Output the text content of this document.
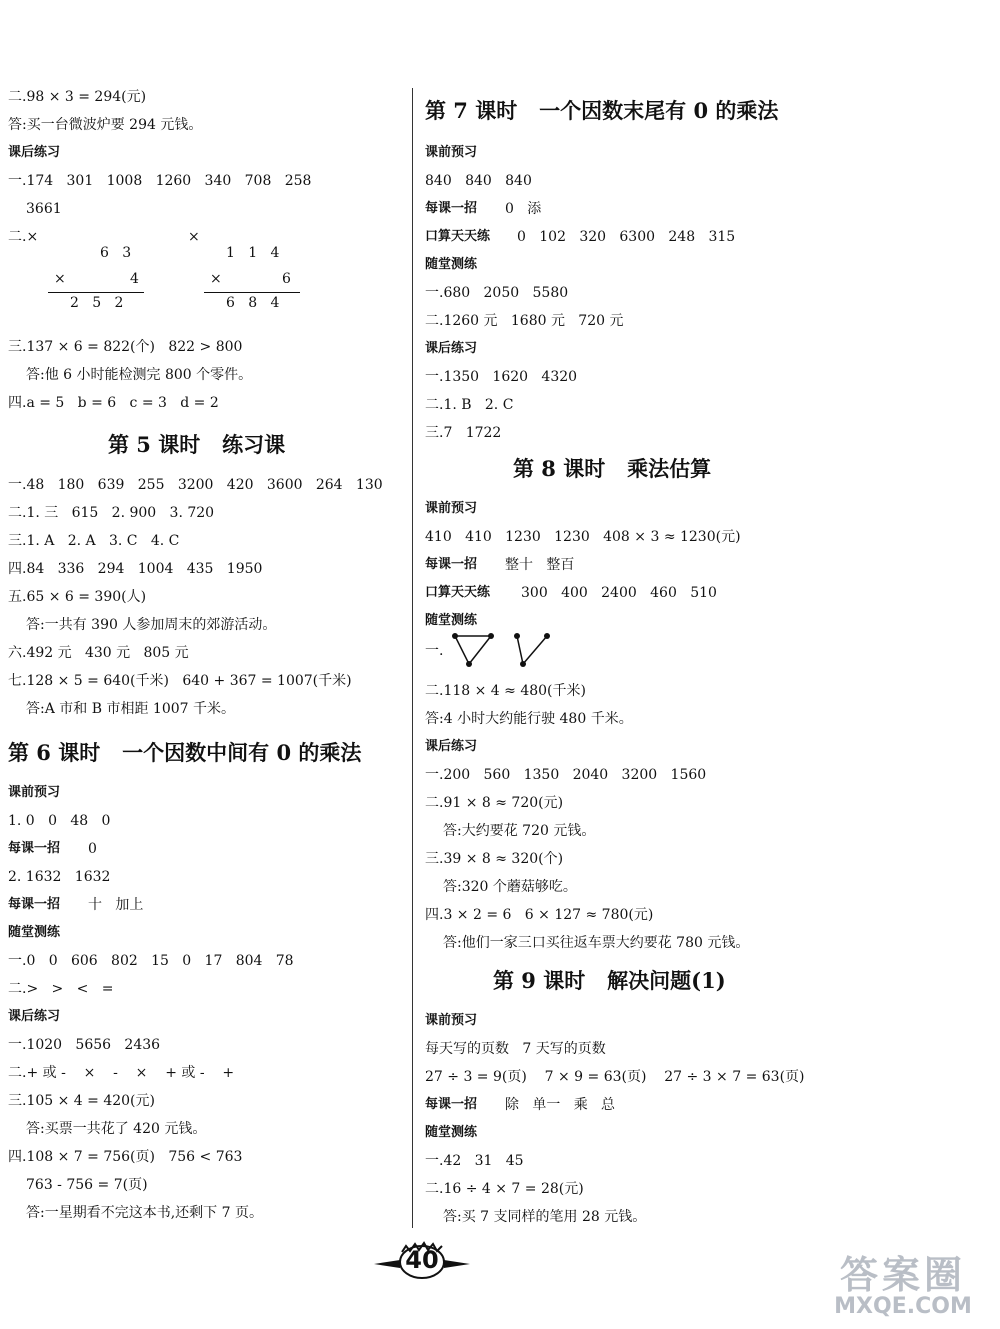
二.98 × 3 = 294(元)
答:买一台微波炉要 294 元钱。
课后练习
一.174   301   1008   1260   340   708   258
3661
二.×
6   3
×	4
2   5   2
×
1   1   4
×	6
6   8   4
三.137 × 6 = 822(个)   822 > 800
答:他 6 小时能检测完 800 个零件。
四.a = 5   b = 6   c = 3   d = 2
第 5 课时   练习课
一.48   180   639   255   3200   420   3600   264   130
二.1. 三   615   2. 900   3. 720
三.1. A   2. A   3. C   4. C
四.84   336   294   1004   435   1950
五.65 × 6 = 390(人)
答:一共有 390 人参加周末的郊游活动。
六.492 元   430 元   805 元
七.128 × 5 = 640(千米)   640 + 367 = 1007(千米)
答:A 市和 B 市相距 1007 千米。
第 6 课时   一个因数中间有 0 的乘法
课前预习
1. 0   0   48   0
每课一招 0
2. 1632   1632
每课一招 十   加上
随堂测练
一.0   0   606   802   15   0   17   804   78
二.>   >   <   =
课后练习
一.1020   5656   2436
二.+ 或 -    ×    -    ×    + 或 -    +
三.105 × 4 = 420(元)
答:买票一共花了 420 元钱。
四.108 × 7 = 756(页)   756 < 763
763 - 756 = 7(页)
答:一星期看不完这本书,还剩下 7 页。
第 7 课时   一个因数末尾有 0 的乘法
课前预习
840   840   840
每课一招 0   添
口算天天练 0   102   320   6300   248   315
随堂测练
一.680   2050   5580
二.1260 元   1680 元   720 元
课后练习
一.1350   1620   4320
二.1. B   2. C
三.7   1722
第 8 课时   乘法估算
课前预习
410   410   1230   1230   408 × 3 ≈ 1230(元)
每课一招 整十   整百
口算天天练 300   400   2400   460   510
随堂测练
一.
二.118 × 4 ≈ 480(千米)
答:4 小时大约能行驶 480 千米。
课后练习
一.200   560   1350   2040   3200   1560
二.91 × 8 ≈ 720(元)
答:大约要花 720 元钱。
三.39 × 8 ≈ 320(个)
答:320 个蘑菇够吃。
四.3 × 2 = 6   6 × 127 ≈ 780(元)
答:他们一家三口买往返车票大约要花 780 元钱。
第 9 课时   解决问题(1)
课前预习
每天写的页数   7 天写的页数
27 ÷ 3 = 9(页)    7 × 9 = 63(页)    27 ÷ 3 × 7 = 63(页)
每课一招 除   单一   乘   总
随堂测练
一.42   31   45
二.16 ÷ 4 × 7 = 28(元)
答:买 7 支同样的笔用 28 元钱。
40	答案圈
MXQE.COM
